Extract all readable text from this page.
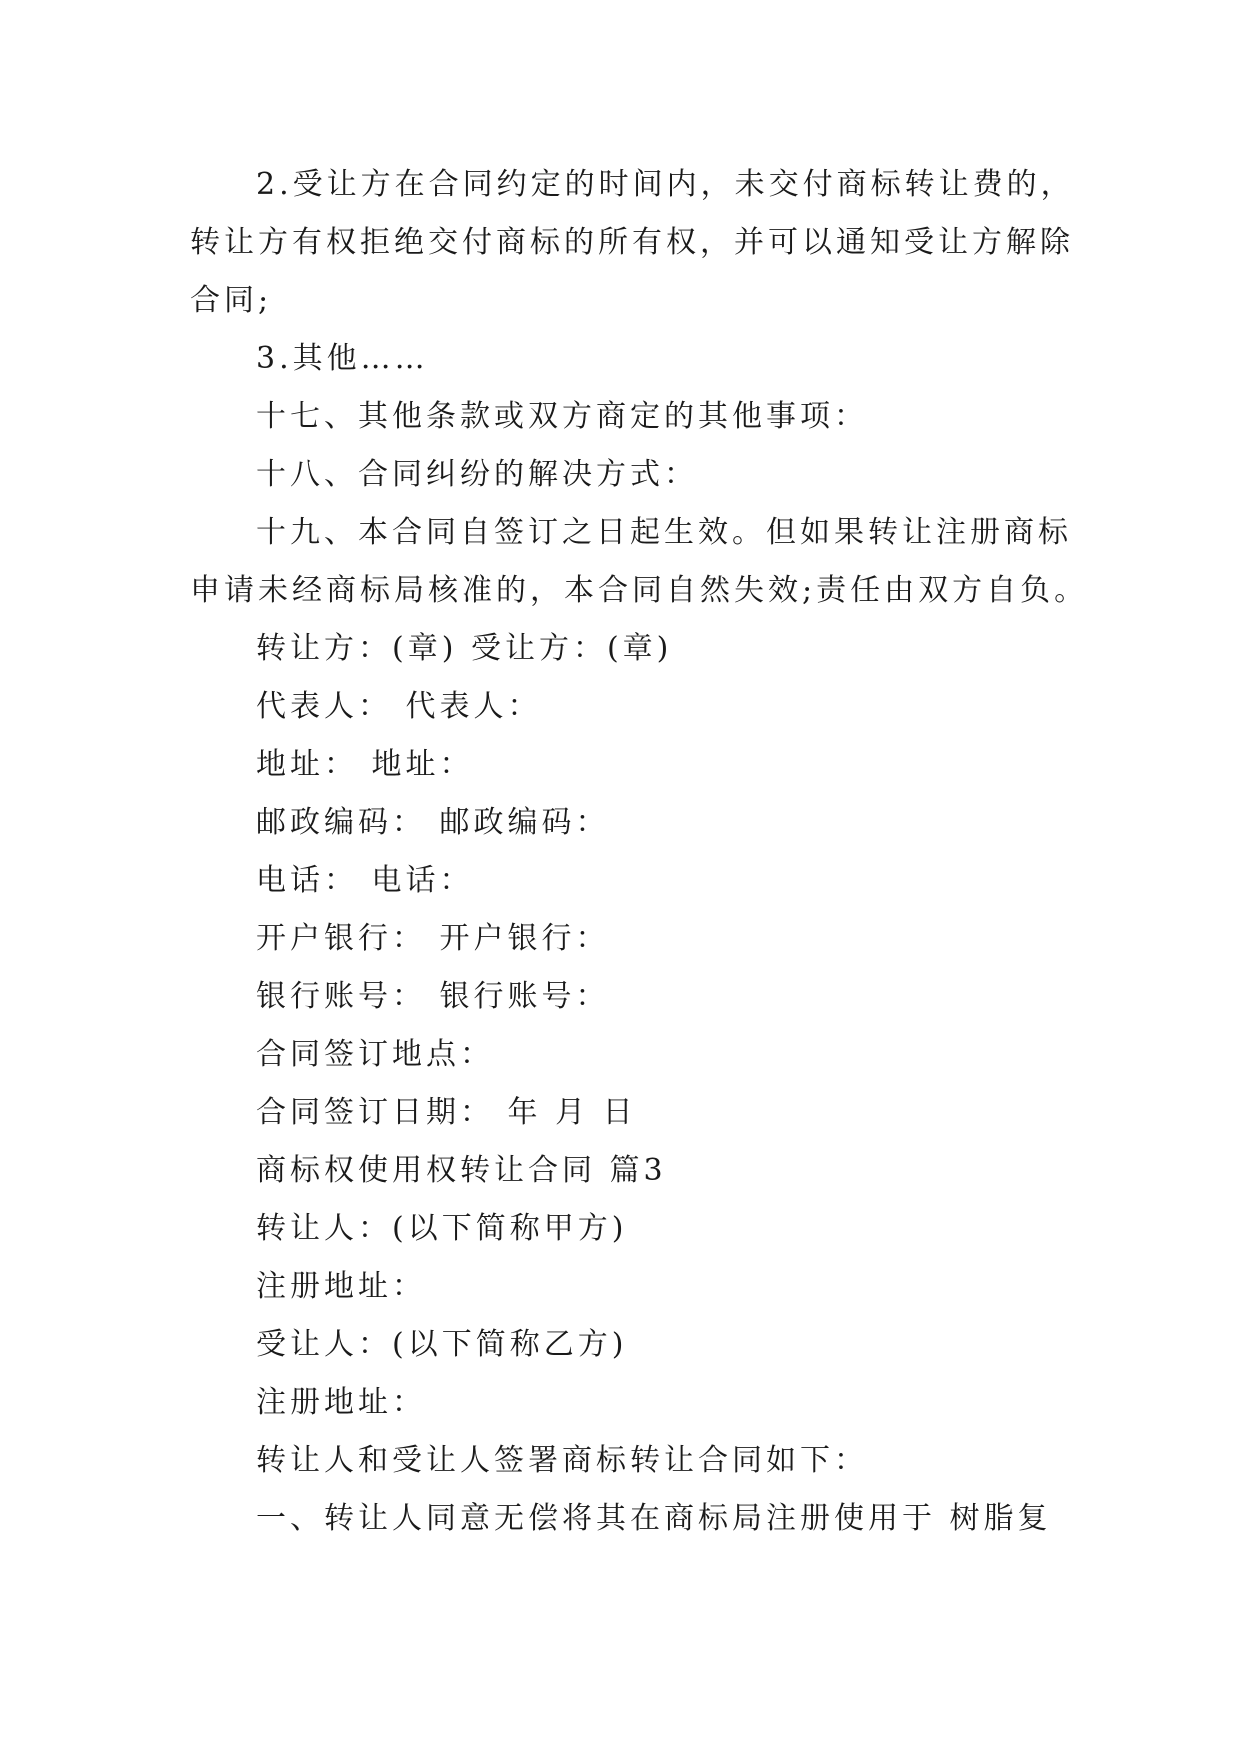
2.受让方在合同约定的时间内，未交付商标转让费的，
转让方有权拒绝交付商标的所有权，并可以通知受让方解除
合同;
3.其他……
十七、其他条款或双方商定的其他事项：
十八、合同纠纷的解决方式：
十九、本合同自签订之日起生效。但如果转让注册商标
申请未经商标局核准的，本合同自然失效;责任由双方自负。
转让方：(章) 受让方：(章)
代表人： 代表人：
地址： 地址：
邮政编码： 邮政编码：
电话： 电话：
开户银行： 开户银行：
银行账号： 银行账号：
合同签订地点：
合同签订日期： 年 月 日
商标权使用权转让合同 篇3
转让人：(以下简称甲方)
注册地址：
受让人：(以下简称乙方)
注册地址：
转让人和受让人签署商标转让合同如下：
一、转让人同意无偿将其在商标局注册使用于 树脂复
